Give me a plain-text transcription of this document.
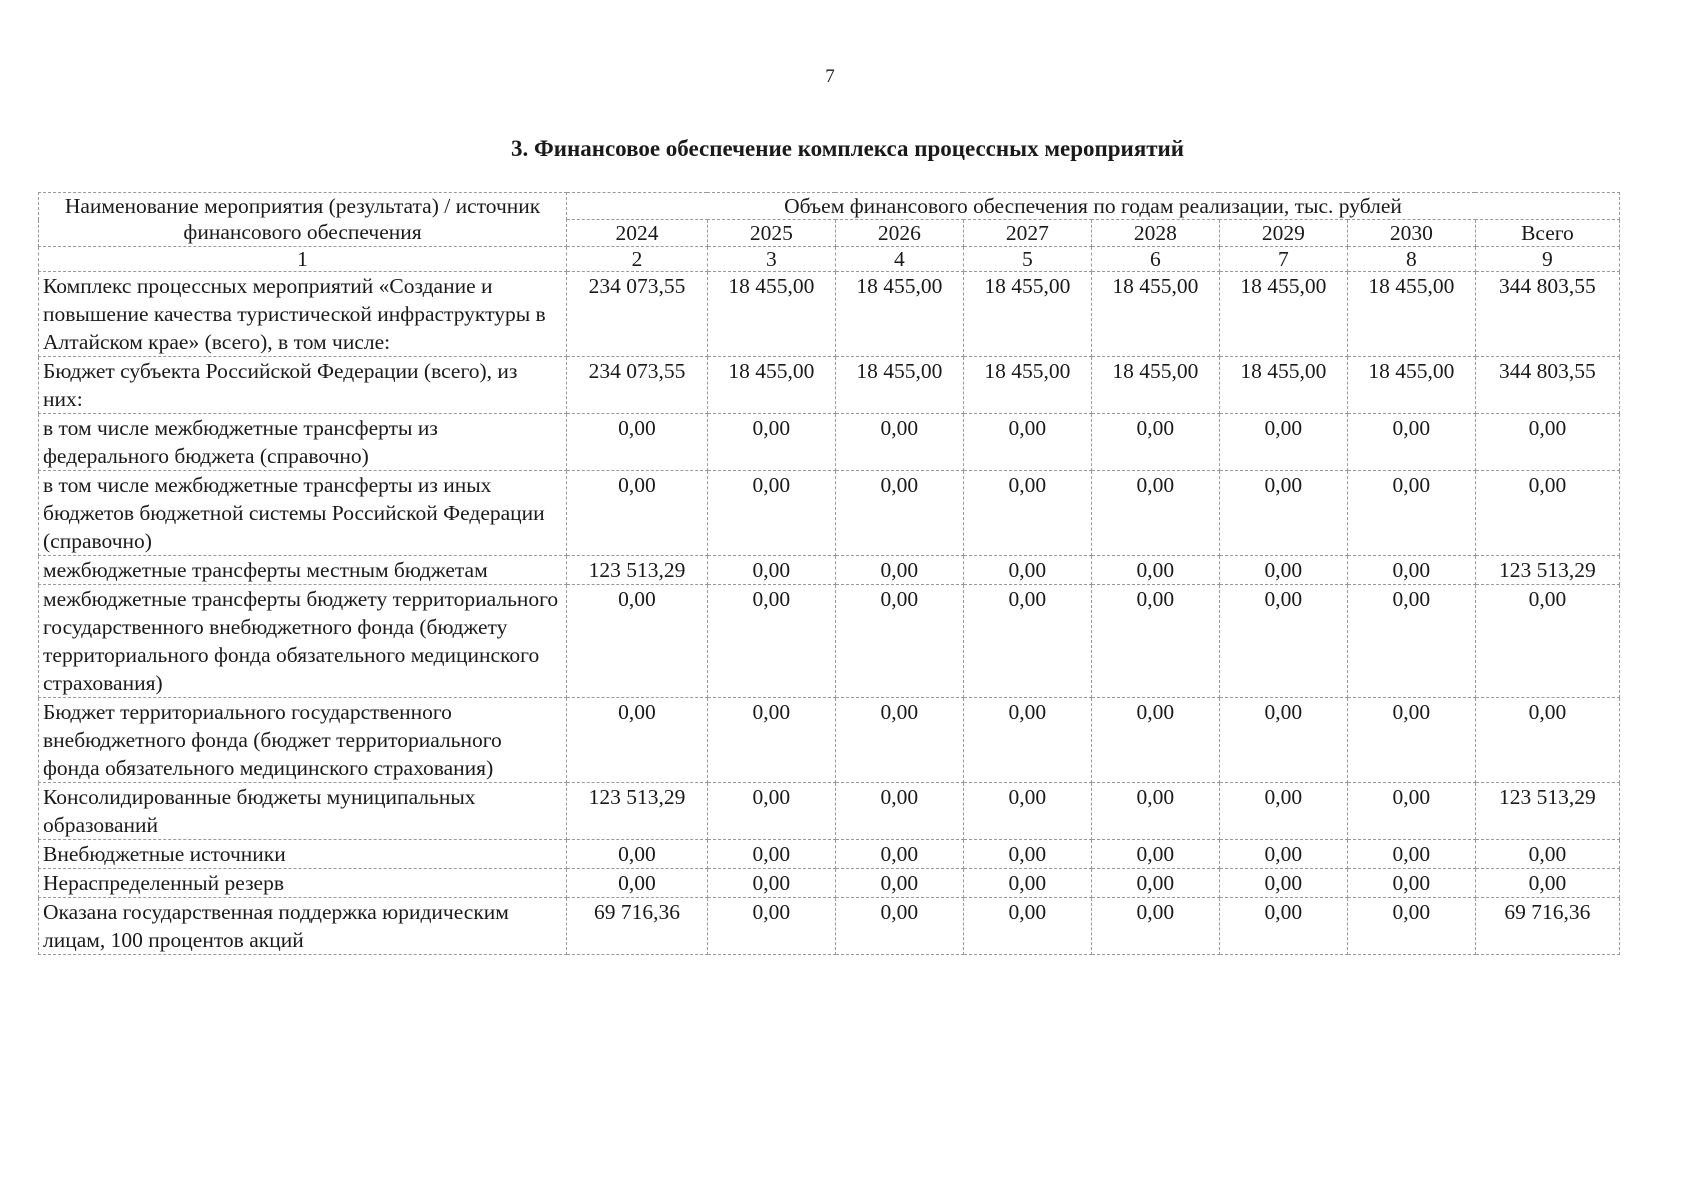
7
3. Финансовое обеспечение комплекса процессных мероприятий
Наименование мероприятия (результата) / источник финансового обеспечения	Объем финансового обеспечения по годам реализации, тыс. рублей							
	2024	2025	2026	2027	2028	2029	2030	Всего
1	2	3	4	5	6	7	8	9
Комплекс процессных мероприятий «Создание и повышение качества туристической инфраструктуры в Алтайском крае» (всего), в том числе:	234 073,55	18 455,00	18 455,00	18 455,00	18 455,00	18 455,00	18 455,00	344 803,55
Бюджет субъекта Российской Федерации (всего), из них:	234 073,55	18 455,00	18 455,00	18 455,00	18 455,00	18 455,00	18 455,00	344 803,55
в том числе межбюджетные трансферты из федерального бюджета (справочно)	0,00	0,00	0,00	0,00	0,00	0,00	0,00	0,00
в том числе межбюджетные трансферты из иных бюджетов бюджетной системы Российской Федерации (справочно)	0,00	0,00	0,00	0,00	0,00	0,00	0,00	0,00
межбюджетные трансферты местным бюджетам	123 513,29	0,00	0,00	0,00	0,00	0,00	0,00	123 513,29
межбюджетные трансферты бюджету территориального государственного внебюджетного фонда (бюджету территориального фонда обязательного медицинского страхования)	0,00	0,00	0,00	0,00	0,00	0,00	0,00	0,00
Бюджет территориального государственного внебюджетного фонда (бюджет территориального фонда обязательного медицинского страхования)	0,00	0,00	0,00	0,00	0,00	0,00	0,00	0,00
Консолидированные бюджеты муниципальных образований	123 513,29	0,00	0,00	0,00	0,00	0,00	0,00	123 513,29
Внебюджетные источники	0,00	0,00	0,00	0,00	0,00	0,00	0,00	0,00
Нераспределенный резерв	0,00	0,00	0,00	0,00	0,00	0,00	0,00	0,00
Оказана государственная поддержка юридическим лицам, 100 процентов акций	69 716,36	0,00	0,00	0,00	0,00	0,00	0,00	69 716,36
